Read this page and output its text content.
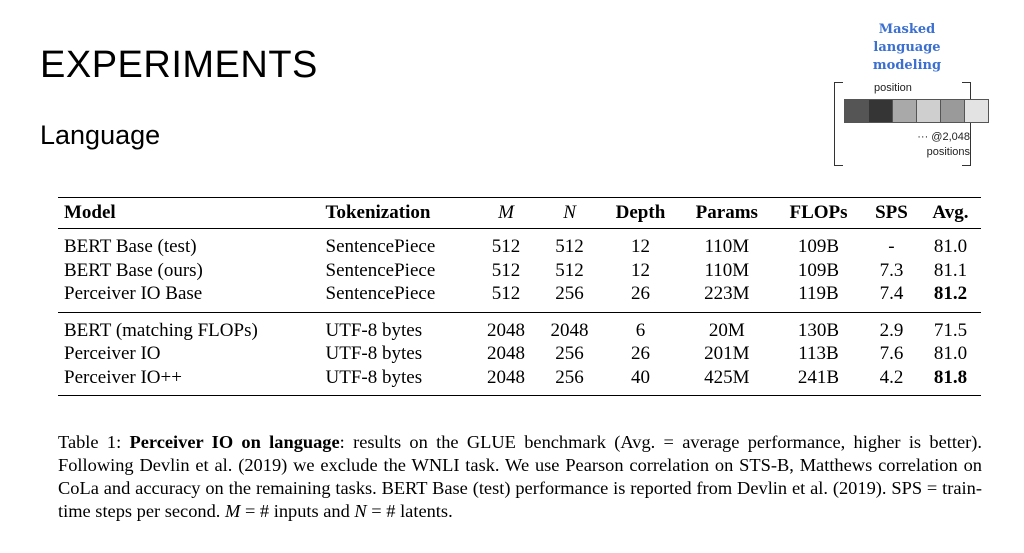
EXPERIMENTS
Language
Masked
language
modeling
position
··· @2,048
positions
Model	Tokenization	M	N	Depth	Params	FLOPs	SPS	Avg.
BERT Base (test)	SentencePiece	512	512	12	110M	109B	-	81.0
BERT Base (ours)	SentencePiece	512	512	12	110M	109B	7.3	81.1
Perceiver IO Base	SentencePiece	512	256	26	223M	119B	7.4	81.2
BERT (matching FLOPs)	UTF-8 bytes	2048	2048	6	20M	130B	2.9	71.5
Perceiver IO	UTF-8 bytes	2048	256	26	201M	113B	7.6	81.0
Perceiver IO++	UTF-8 bytes	2048	256	40	425M	241B	4.2	81.8
Table 1: Perceiver IO on language: results on the GLUE benchmark (Avg. = average performance, higher is better). Following Devlin et al. (2019) we exclude the WNLI task. We use Pearson correlation on STS-B, Matthews correlation on CoLa and accuracy on the remaining tasks. BERT Base (test) performance is reported from Devlin et al. (2019). SPS = train-time steps per second. M = # inputs and N = # latents.
